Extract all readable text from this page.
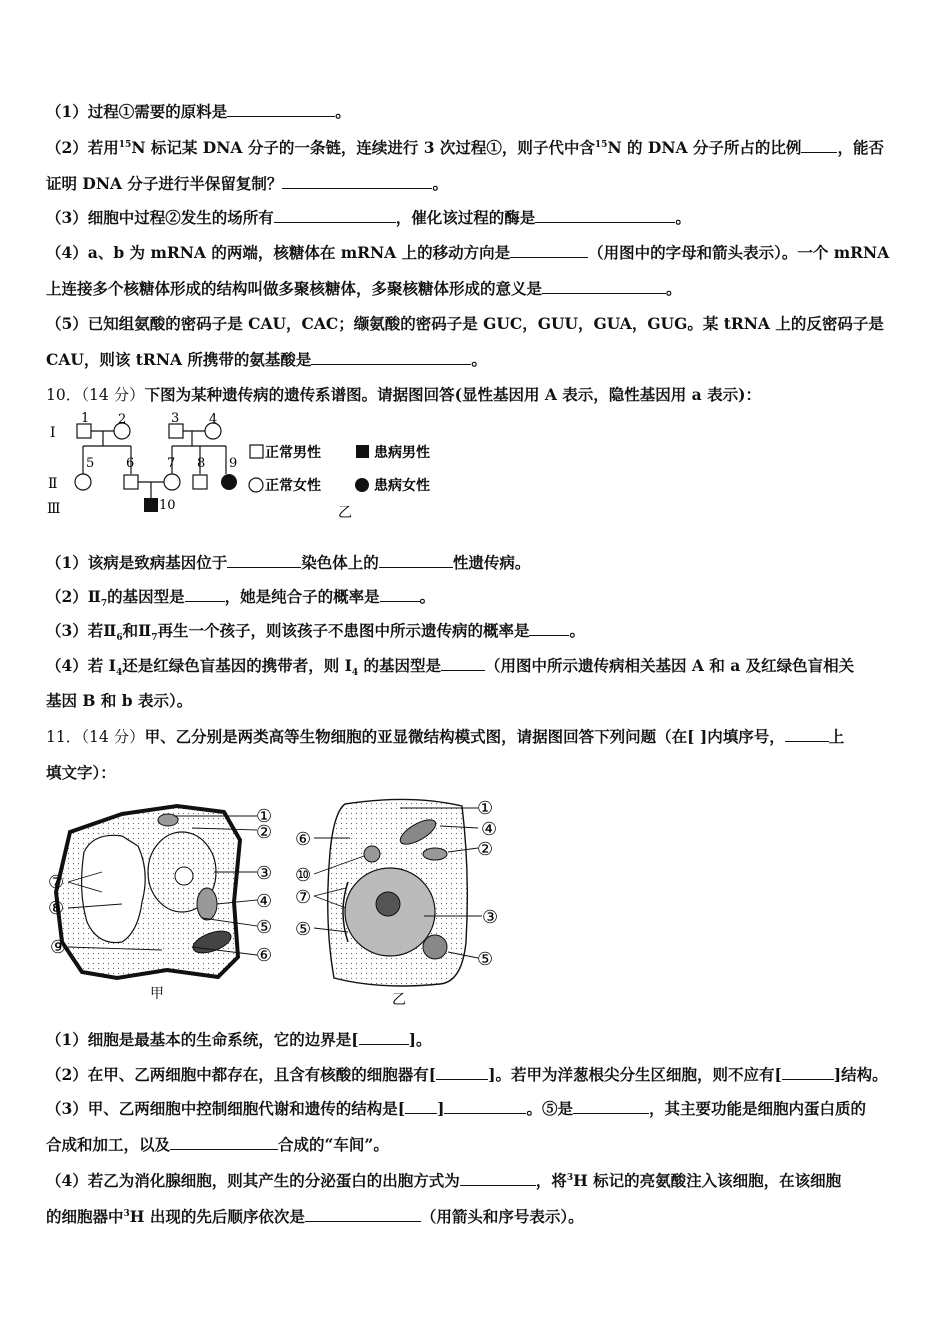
（1）过程①需要的原料是	。
（2）若用$^{15}$N 标记某 DNA 分子的一条链，连续进行 3 次过程①，则子代中含$^{15}$N 的 DNA 分子所占的比例 ，能否
证明 DNA 分子进行半保留复制？	。
（3）细胞中过程②发生的场所有	，催化该过程的酶是	。
（4）a、b 为 mRNA 的两端，核糖体在 mRNA 上的移动方向是	（用图中的字母和箭头表示）。一个 mRNA
上连接多个核糖体形成的结构叫做多聚核糖体，多聚核糖体形成的意义是	。
（5）已知组氨酸的密码子是 CAU，CAC；缬氨酸的密码子是 GUC，GUU，GUA，GUG。某 tRNA 上的反密码子是
CAU，则该 tRNA 所携带的氨基酸是	。
10．（14 分）下图为某种遗传病的遗传系谱图。请据图回答(显性基因用 A 表示，隐性基因用 a 表示)：
Ⅰ
Ⅱ
Ⅲ
1 2	3 4
5 6	7 8 9
10
正常男性	患病男性
正常女性	患病女性
乙
（1）该病是致病基因位于	染色体上的	性遗传病。
$(2)Ⅱ_7$的基因型是	，她是纯合子的概率是	。
（3）若$Ⅱ_6$和$Ⅱ_7$再生一个孩子，则该孩子不患图中所示遗传病的概率是	。
（4）若 $I_4$还是红绿色盲基因的携带者，则 $I_4$ 的基因型是	（用图中所示遗传病相关基因 A 和 a 及红绿色盲相关
基因 B 和 b 表示）。
11．（14 分）甲、乙分别是两类高等生物细胞的亚显微结构模式图，请据图回答下列问题（在[ ]内填序号，	上
填文字）：
①
②
③
④
⑤
⑥
⑦
⑧
⑨
甲
①
④
②
⑥
⑩
⑦
⑤
③
⑤
乙
（1）细胞是最基本的生命系统，它的边界是[	]。
（2）在甲、乙两细胞中都存在，且含有核酸的细胞器有[	]。若甲为洋葱根尖分生区细胞，则不应有[	]结构。
（3）甲、乙两细胞中控制细胞代谢和遗传的结构是[ ]	。⑤是	，其主要功能是细胞内蛋白质的
合成和加工，以及	合成的“车间”。
（4）若乙为消化腺细胞，则其产生的分泌蛋白的出胞方式为	，将$^3$H 标记的亮氨酸注入该细胞，在该细胞
的细胞器中$^3$H 出现的先后顺序依次是	（用箭头和序号表示）。
